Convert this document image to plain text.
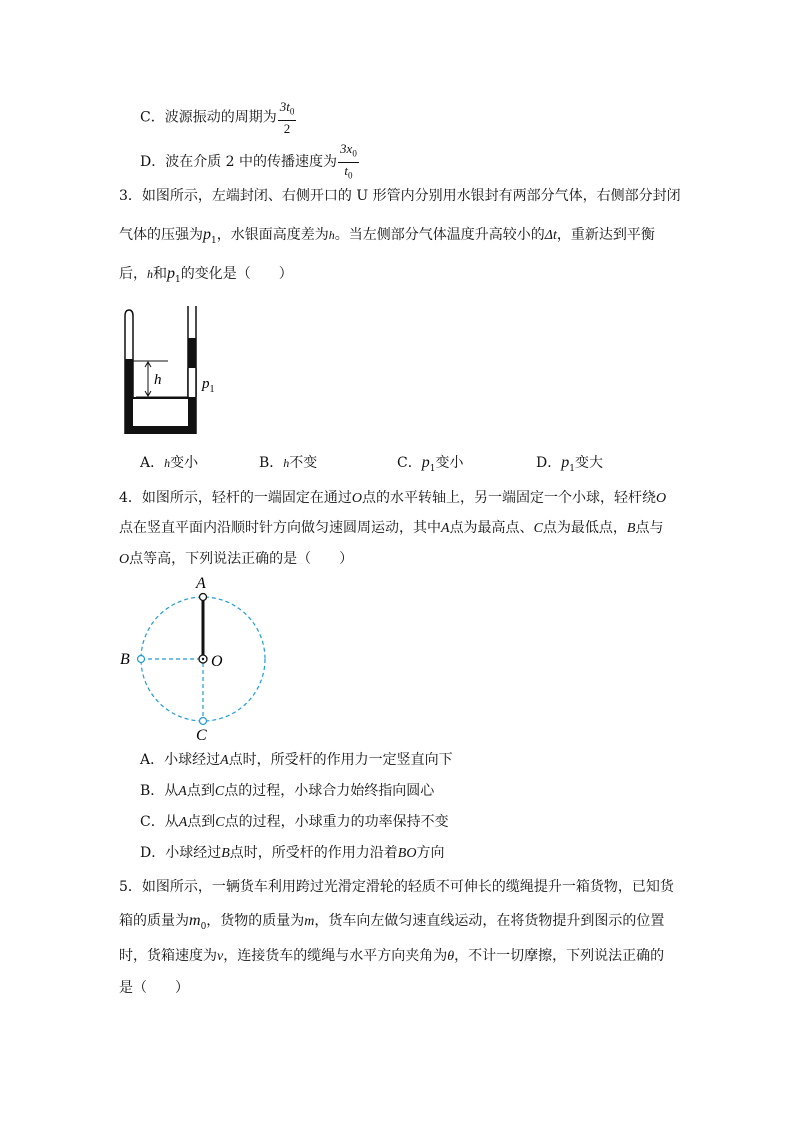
C．波源振动的周期为 $\frac{3t_0}{2}$
D．波在介质 2 中的传播速度为 $\frac{3x_0}{t_0}$
3．如图所示，左端封闭、右侧开口的 U 形管内分别用水银封有两部分气体，右侧部分封闭
气体的压强为$p_1$，水银面高度差为h。当左侧部分气体温度升高较小的Δt，重新达到平衡
后，h和$p_1$的变化是（　　）
h	$p_1$
A．h变小	B．h不变	C．$p_1$变小	D．$p_1$变大
4．如图所示，轻杆的一端固定在通过O点的水平转轴上，另一端固定一个小球，轻杆绕O
点在竖直平面内沿顺时针方向做匀速圆周运动，其中A点为最高点、C点为最低点，B点与
O点等高，下列说法正确的是（　　）
A
B	O
C
A．小球经过A点时，所受杆的作用力一定竖直向下
B．从A点到C点的过程，小球合力始终指向圆心
C．从A点到C点的过程，小球重力的功率保持不变
D．小球经过B点时，所受杆的作用力沿着BO方向
5．如图所示，一辆货车利用跨过光滑定滑轮的轻质不可伸长的缆绳提升一箱货物，已知货
箱的质量为$m_0$，货物的质量为m，货车向左做匀速直线运动，在将货物提升到图示的位置
时，货箱速度为v，连接货车的缆绳与水平方向夹角为θ，不计一切摩擦，下列说法正确的
是（　　）
